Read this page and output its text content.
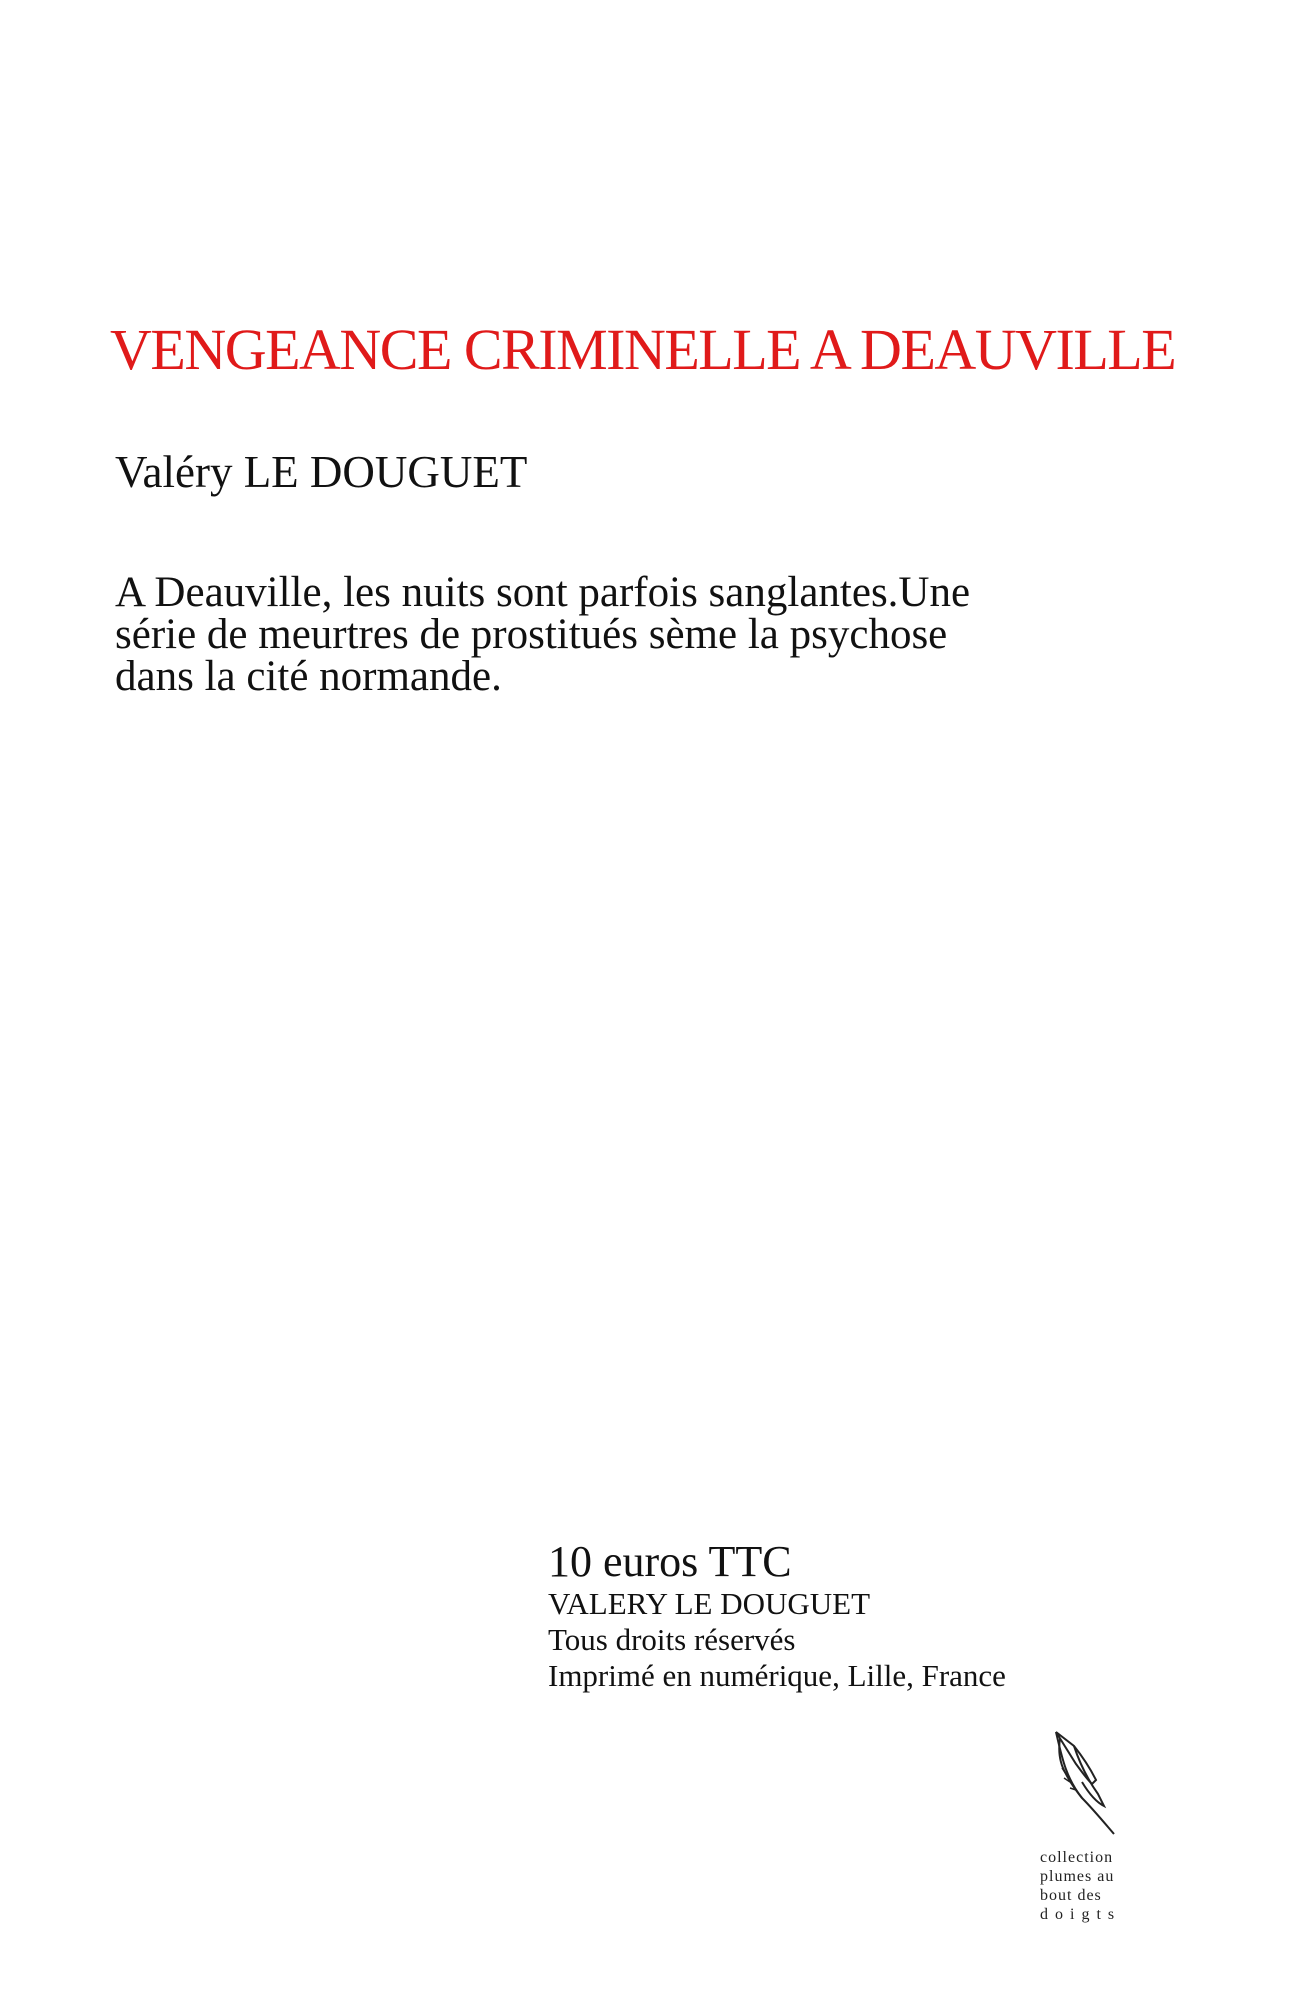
VENGEANCE CRIMINELLE A DEAUVILLE
Valéry LE DOUGUET
A Deauville, les nuits sont parfois sanglantes.Une série de meurtres de prostitués sème la psychose dans la cité normande.
10 euros TTC
VALERY LE DOUGUET
Tous droits réservés
Imprimé en numérique, Lille, France
collection
plumes au
bout des
doigts
